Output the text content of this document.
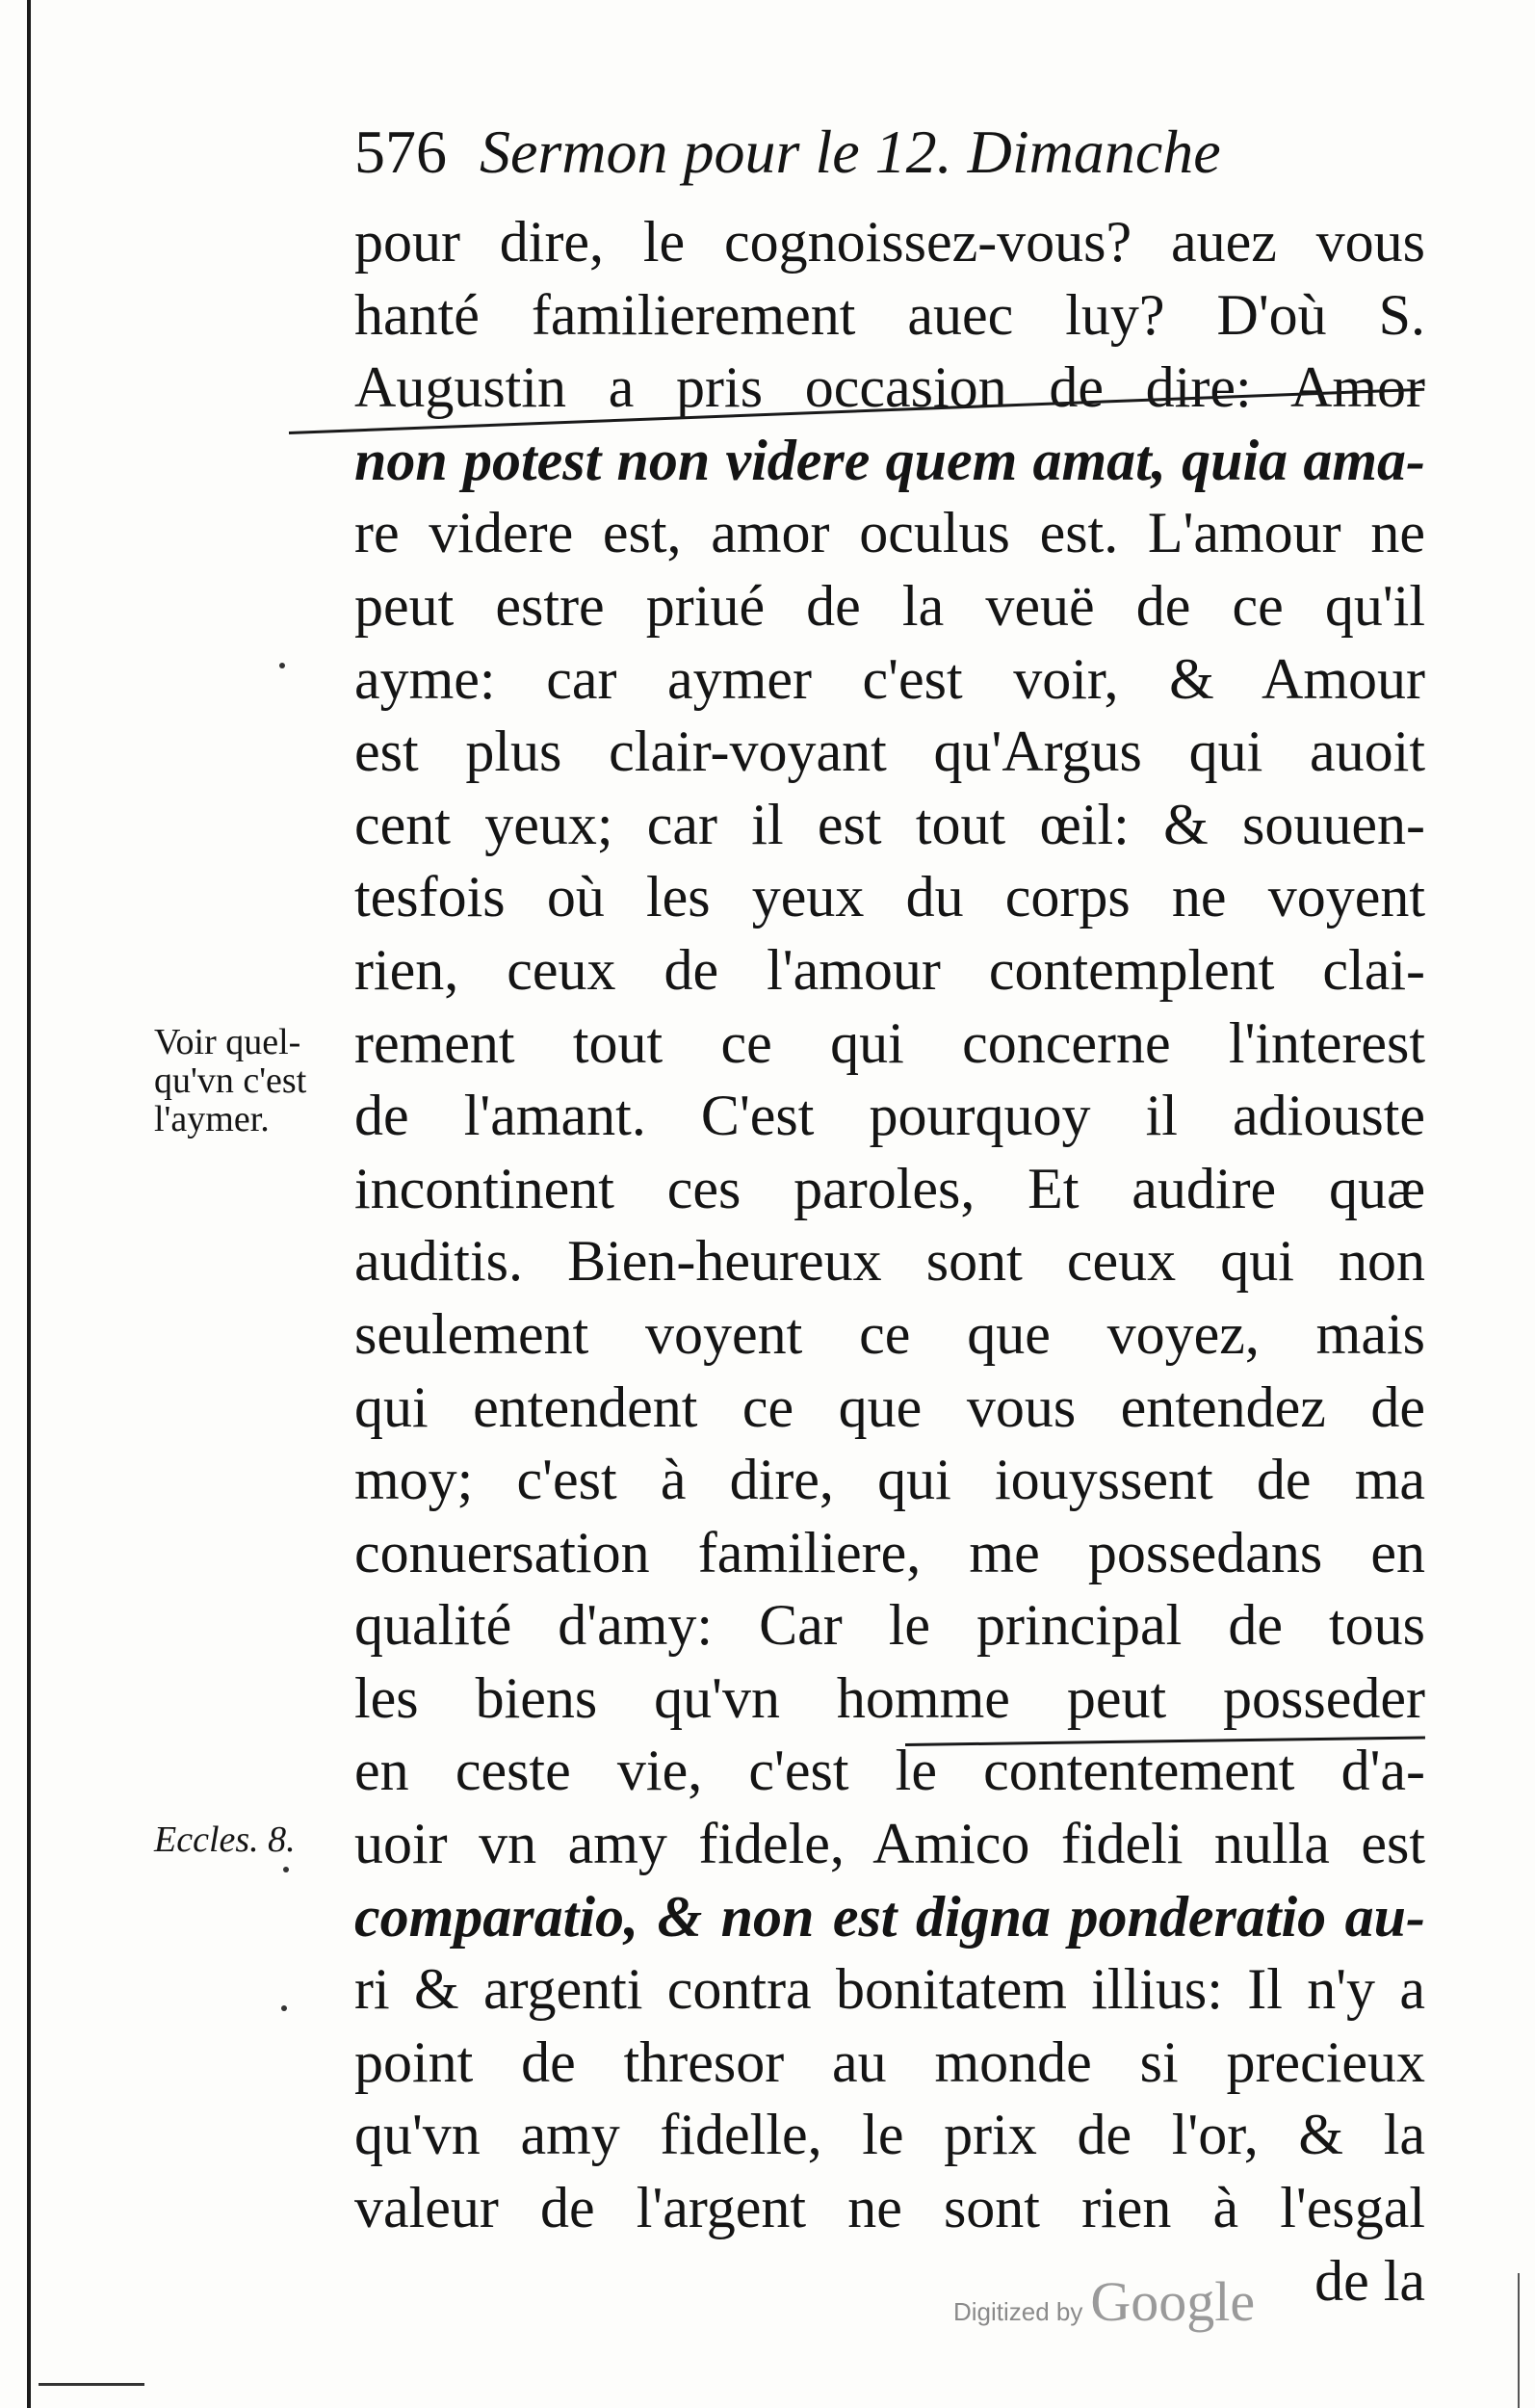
576 Sermon pour le 12. Dimanche
pour dire, le cognoissez-vous? auez vous
hanté familierement auec luy? D'où S.
Augustin a pris occasion de dire: Amor
non potest non videre quem amat, quia ama-
re videre est, amor oculus est. L'amour ne
peut estre priué de la veuë de ce qu'il
ayme: car aymer c'est voir, & Amour
est plus clair-voyant qu'Argus qui auoit
cent yeux; car il est tout œil: & souuen-
tesfois où les yeux du corps ne voyent
rien, ceux de l'amour contemplent clai-
rement tout ce qui concerne l'interest
de l'amant. C'est pourquoy il adiouste
incontinent ces paroles, Et audire quæ
auditis. Bien-heureux sont ceux qui non
seulement voyent ce que voyez, mais
qui entendent ce que vous entendez de
moy; c'est à dire, qui iouyssent de ma
conuersation familiere, me possedans en
qualité d'amy: Car le principal de tous
les biens qu'vn homme peut posseder
en ceste vie, c'est le contentement d'a-
uoir vn amy fidele, Amico fideli nulla est
comparatio, & non est digna ponderatio au-
ri & argenti contra bonitatem illius: Il n'y a
point de thresor au monde si precieux
qu'vn amy fidelle, le prix de l'or, & la
valeur de l'argent ne sont rien à l'esgal
de la
Voir quel-
qu'vn c'est
l'aymer.
Eccles. 8.
Digitized by Google
